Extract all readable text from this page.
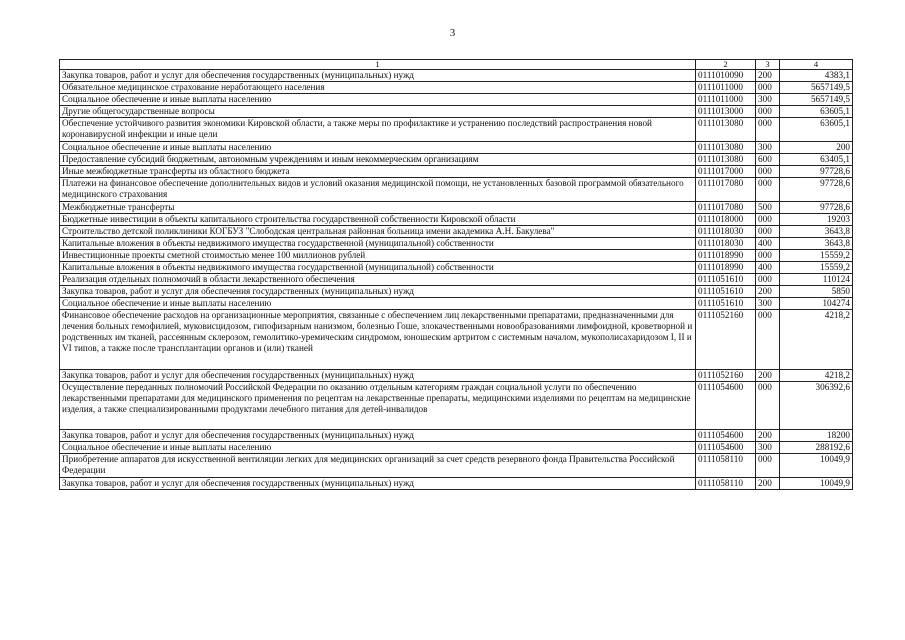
3
1	2	3	4
Закупка товаров, работ и услуг для обеспечения государственных (муниципальных) нужд	0111010090	200	4383,1
Обязательное медицинское страхование неработающего населения	0111011000	000	5657149,5
Социальное обеспечение и иные выплаты населению	0111011000	300	5657149,5
Другие общегосударственные вопросы	0111013000	000	63605,1
Обеспечение устойчивого развития экономики Кировской области, а также меры по профилактике и устранению последствий распространения новой коронавирусной инфекции и иные цели	0111013080	000	63605,1
Социальное обеспечение и иные выплаты населению	0111013080	300	200
Предоставление субсидий бюджетным, автономным учреждениям и иным некоммерческим организациям	0111013080	600	63405,1
Иные межбюджетные трансферты из областного бюджета	0111017000	000	97728,6
Платежи на финансовое обеспечение дополнительных видов и условий оказания медицинской помощи, не установленных базовой программой обязательного медицинского страхования	0111017080	000	97728,6
Межбюджетные трансферты	0111017080	500	97728,6
Бюджетные инвестиции в объекты капитального строительства государственной собственности Кировской области	0111018000	000	19203
Строительство детской поликлиники КОГБУЗ "Слободская центральная районная больница имени академика А.Н. Бакулева"	0111018030	000	3643,8
Капитальные вложения в объекты недвижимого имущества государственной (муниципальной) собственности	0111018030	400	3643,8
Инвестиционные проекты сметной стоимостью менее 100 миллионов рублей	0111018990	000	15559,2
Капитальные вложения в объекты недвижимого имущества государственной (муниципальной) собственности	0111018990	400	15559,2
Реализация отдельных полномочий в области лекарственного обеспечения	0111051610	000	110124
Закупка товаров, работ и услуг для обеспечения государственных (муниципальных) нужд	0111051610	200	5850
Социальное обеспечение и иные выплаты населению	0111051610	300	104274
Финансовое обеспечение расходов на организационные мероприятия, связанные с обеспечением лиц лекарственными препаратами, предназначенными для лечения больных гемофилией, муковисцидозом, гипофизарным нанизмом, болезнью Гоше, злокачественными новообразованиями лимфоидной, кроветворной и родственных им тканей, рассеянным склерозом, гемолитико-уремическим синдромом, юношеским артритом с системным началом, мукополисахаридозом I, II и VI типов, а также после трансплантации органов и (или) тканей	0111052160	000	4218,2
Закупка товаров, работ и услуг для обеспечения государственных (муниципальных) нужд	0111052160	200	4218,2
Осуществление переданных полномочий Российской Федерации по оказанию отдельным категориям граждан социальной услуги по обеспечению лекарственными препаратами для медицинского применения по рецептам на лекарственные препараты, медицинскими изделиями по рецептам на медицинские изделия, а также специализированными продуктами лечебного питания для детей-инвалидов	0111054600	000	306392,6
Закупка товаров, работ и услуг для обеспечения государственных (муниципальных) нужд	0111054600	200	18200
Социальное обеспечение и иные выплаты населению	0111054600	300	288192,6
Приобретение аппаратов для искусственной вентиляции легких для медицинских организаций за счет средств резервного фонда Правительства Российской Федерации	0111058110	000	10049,9
Закупка товаров, работ и услуг для обеспечения государственных (муниципальных) нужд	0111058110	200	10049,9
